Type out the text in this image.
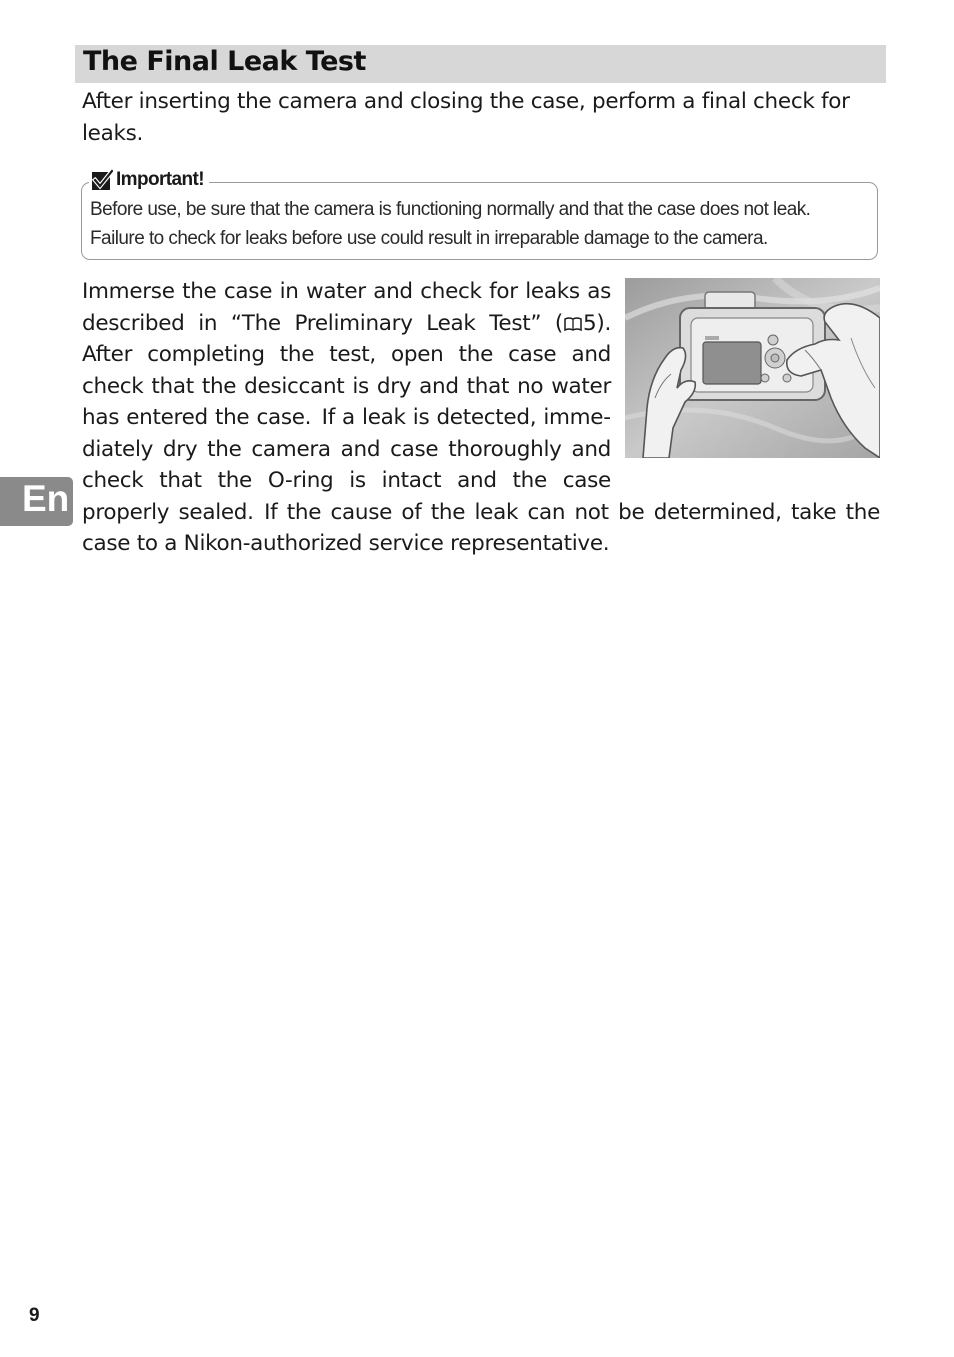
The Final Leak Test
After inserting the camera and closing the case, perform a final check for leaks.
Important!

Before use, be sure that the camera is functioning normally and that the case does not leak.

Failure to check for leaks before use could result in irreparable damage to the camera.

Immerse the case in water and check for leaks as described in “The Preliminary Leak Test” ( 5). After completing the test, open the case and check that the desiccant is dry and that no water has entered the case. If a leak is detected, immediately dry the camera and case thoroughly and check that the O-ring is intact and the case properly sealed. If the cause of the leak can not be determined, take the case to a Nikon-authorized service representative.

En
9
